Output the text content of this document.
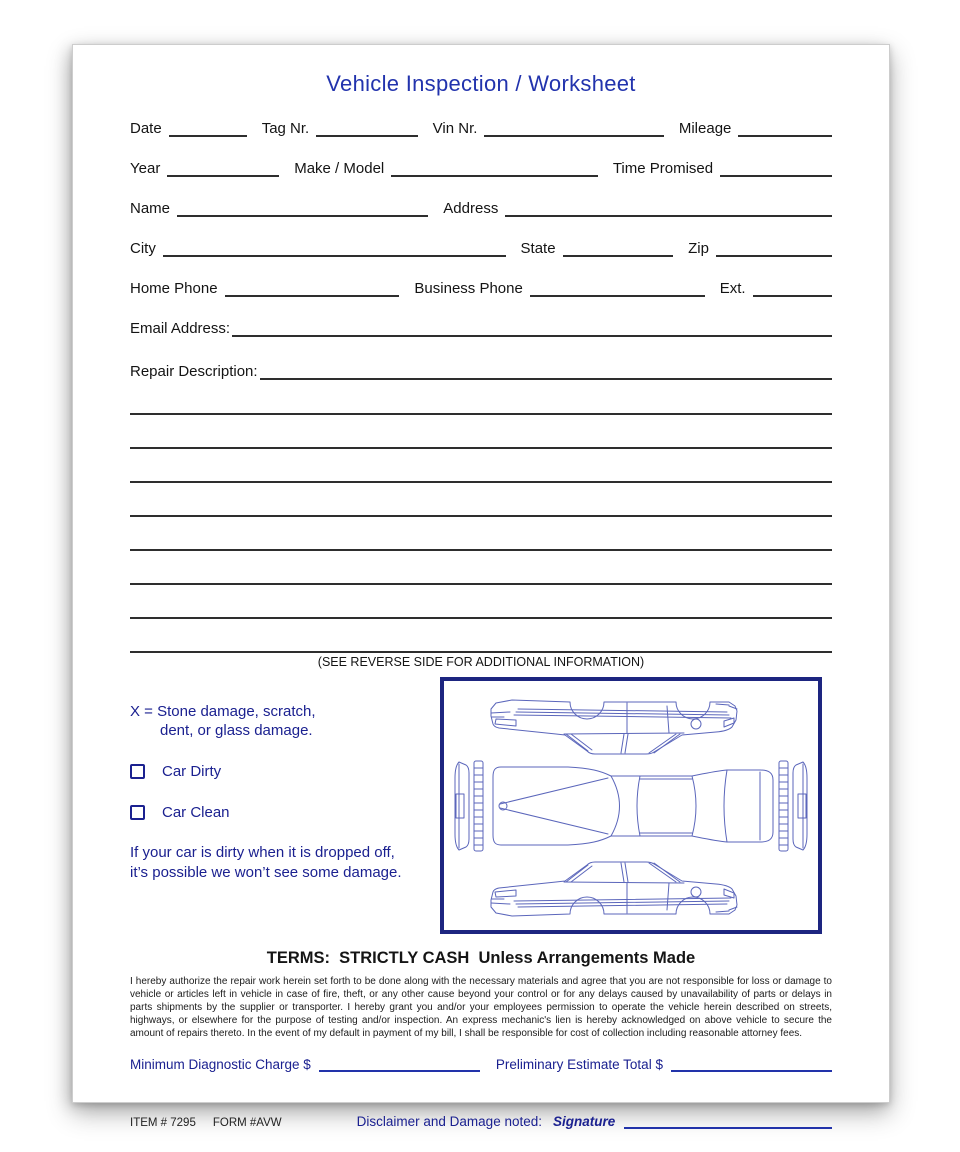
Vehicle Inspection / Worksheet
Date	Tag Nr.	Vin Nr.	Mileage
Year	Make / Model	Time Promised
Name	Address
City	State	Zip
Home Phone	Business Phone	Ext.
Email Address:
Repair Description:
(SEE REVERSE SIDE FOR ADDITIONAL INFORMATION)
X = Stone damage, scratch,
dent, or glass damage.
Car Dirty
Car Clean
If your car is dirty when it is dropped off,
it’s possible we won’t see some damage.
TERMS:  STRICTLY CASH  Unless Arrangements Made

I hereby authorize the repair work herein set forth to be done along with the necessary materials and agree that you are not responsible for loss or damage to vehicle or articles left in vehicle in case of fire, theft, or any other cause beyond your control or for any delays caused by unavailability of parts or delays in parts shipments by the supplier or transporter. I hereby grant you and/or your employees permission to operate the vehicle herein described on streets, highways, or elsewhere for the purpose of testing and/or inspection. An express mechanic's lien is hereby acknowledged on above vehicle to secure the amount of repairs thereto. In the event of my default in payment of my bill, I shall be responsible for cost of collection including reasonable attorney fees.

Minimum Diagnostic Charge $	Preliminary Estimate Total $
ITEM # 7295 FORM #AVW	Disclaimer and Damage noted: Signature
